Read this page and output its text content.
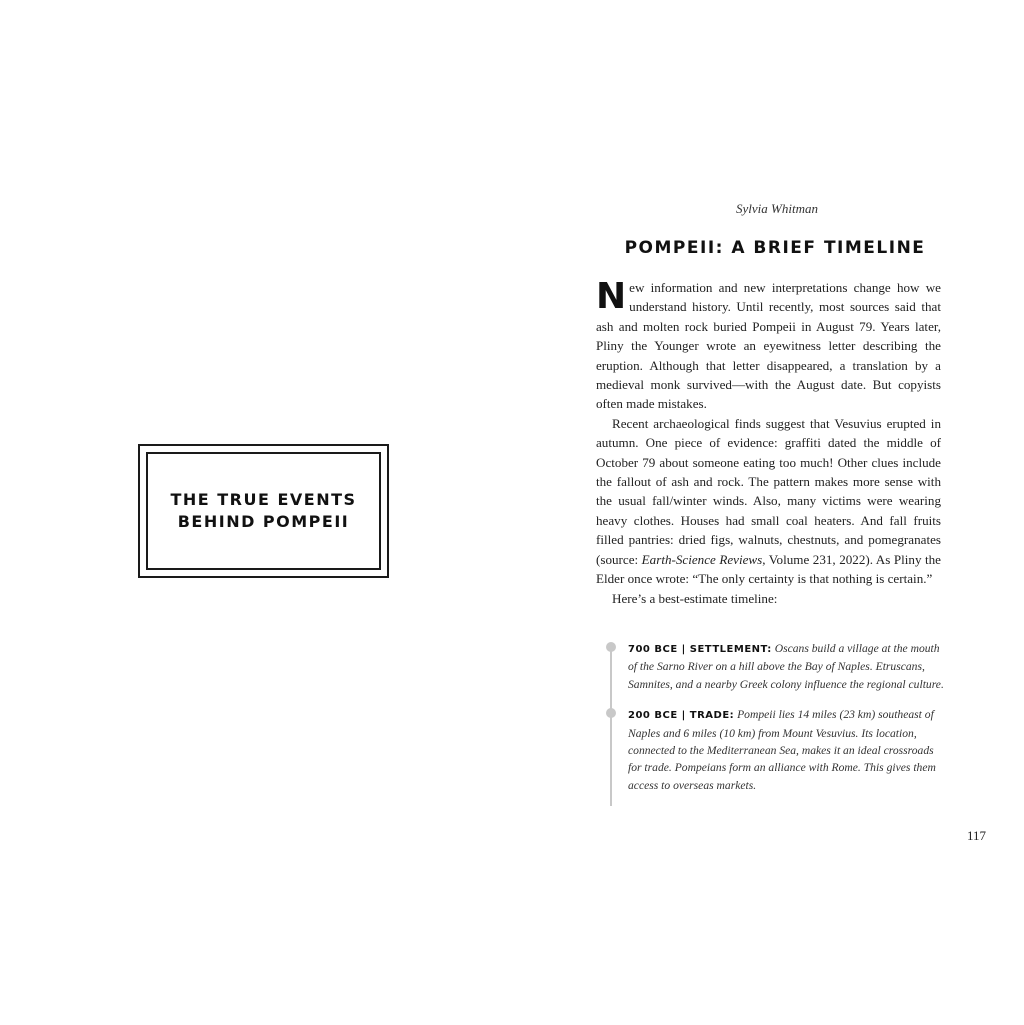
THE TRUE EVENTS
BEHIND POMPEII
Sylvia Whitman
POMPEII: A BRIEF TIMELINE

New information and new interpretations change how we understand history. Until recently, most sources said that ash and molten rock buried Pompeii in August 79. Years later, Pliny the Younger wrote an eyewitness letter describing the eruption. Although that letter disappeared, a translation by a medieval monk survived—with the August date. But copyists often made mistakes.

Recent archaeological finds suggest that Vesuvius erupted in autumn. One piece of evidence: graffiti dated the middle of October 79 about someone eating too much! Other clues include the fallout of ash and rock. The pattern makes more sense with the usual fall/winter winds. Also, many victims were wearing heavy clothes. Houses had small coal heaters. And fall fruits filled pantries: dried figs, walnuts, chestnuts, and pomegranates (source: Earth-Science Reviews, Volume 231, 2022). As Pliny the Elder once wrote: “The only certainty is that nothing is certain.”

Here’s a best-estimate timeline:

700 BCE | SETTLEMENT: Oscans build a village at the mouth of the Sarno River on a hill above the Bay of Naples. Etruscans, Samnites, and a nearby Greek colony influence the regional culture.
200 BCE | TRADE: Pompeii lies 14 miles (23 km) southeast of Naples and 6 miles (10 km) from Mount Vesuvius. Its location, connected to the Mediterranean Sea, makes it an ideal crossroads for trade. Pompeians form an alliance with Rome. This gives them access to overseas markets.
117
